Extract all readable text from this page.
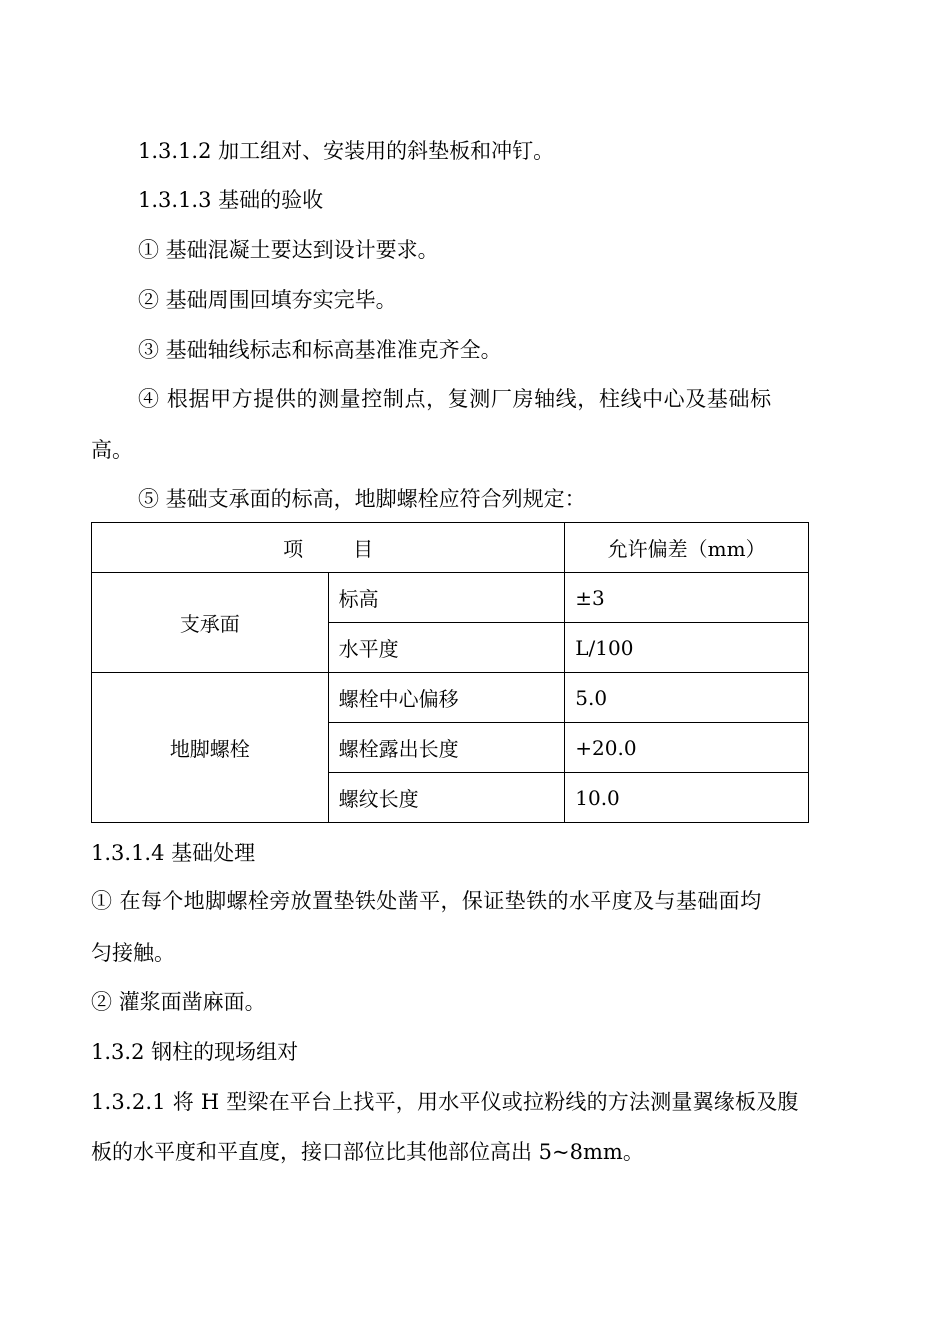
1.3.1.2 加工组对、安装用的斜垫板和冲钉。
1.3.1.3 基础的验收
① 基础混凝土要达到设计要求。
② 基础周围回填夯实完毕。
③ 基础轴线标志和标高基准准克齐全。
④ 根据甲方提供的测量控制点，复测厂房轴线，柱线中心及基础标
高。
⑤ 基础支承面的标高，地脚螺栓应符合列规定：
项 目		允许偏差（mm）
支承面	标高	±3
	水平度	L/100
地脚螺栓	螺栓中心偏移	5.0
	螺栓露出长度	+20.0
	螺纹长度	10.0
1.3.1.4 基础处理
① 在每个地脚螺栓旁放置垫铁处凿平，保证垫铁的水平度及与基础面均
匀接触。
② 灌浆面凿麻面。
1.3.2 钢柱的现场组对
1.3.2.1 将 H 型梁在平台上找平，用水平仪或拉粉线的方法测量翼缘板及腹
板的水平度和平直度，接口部位比其他部位高出 5~8mm。
